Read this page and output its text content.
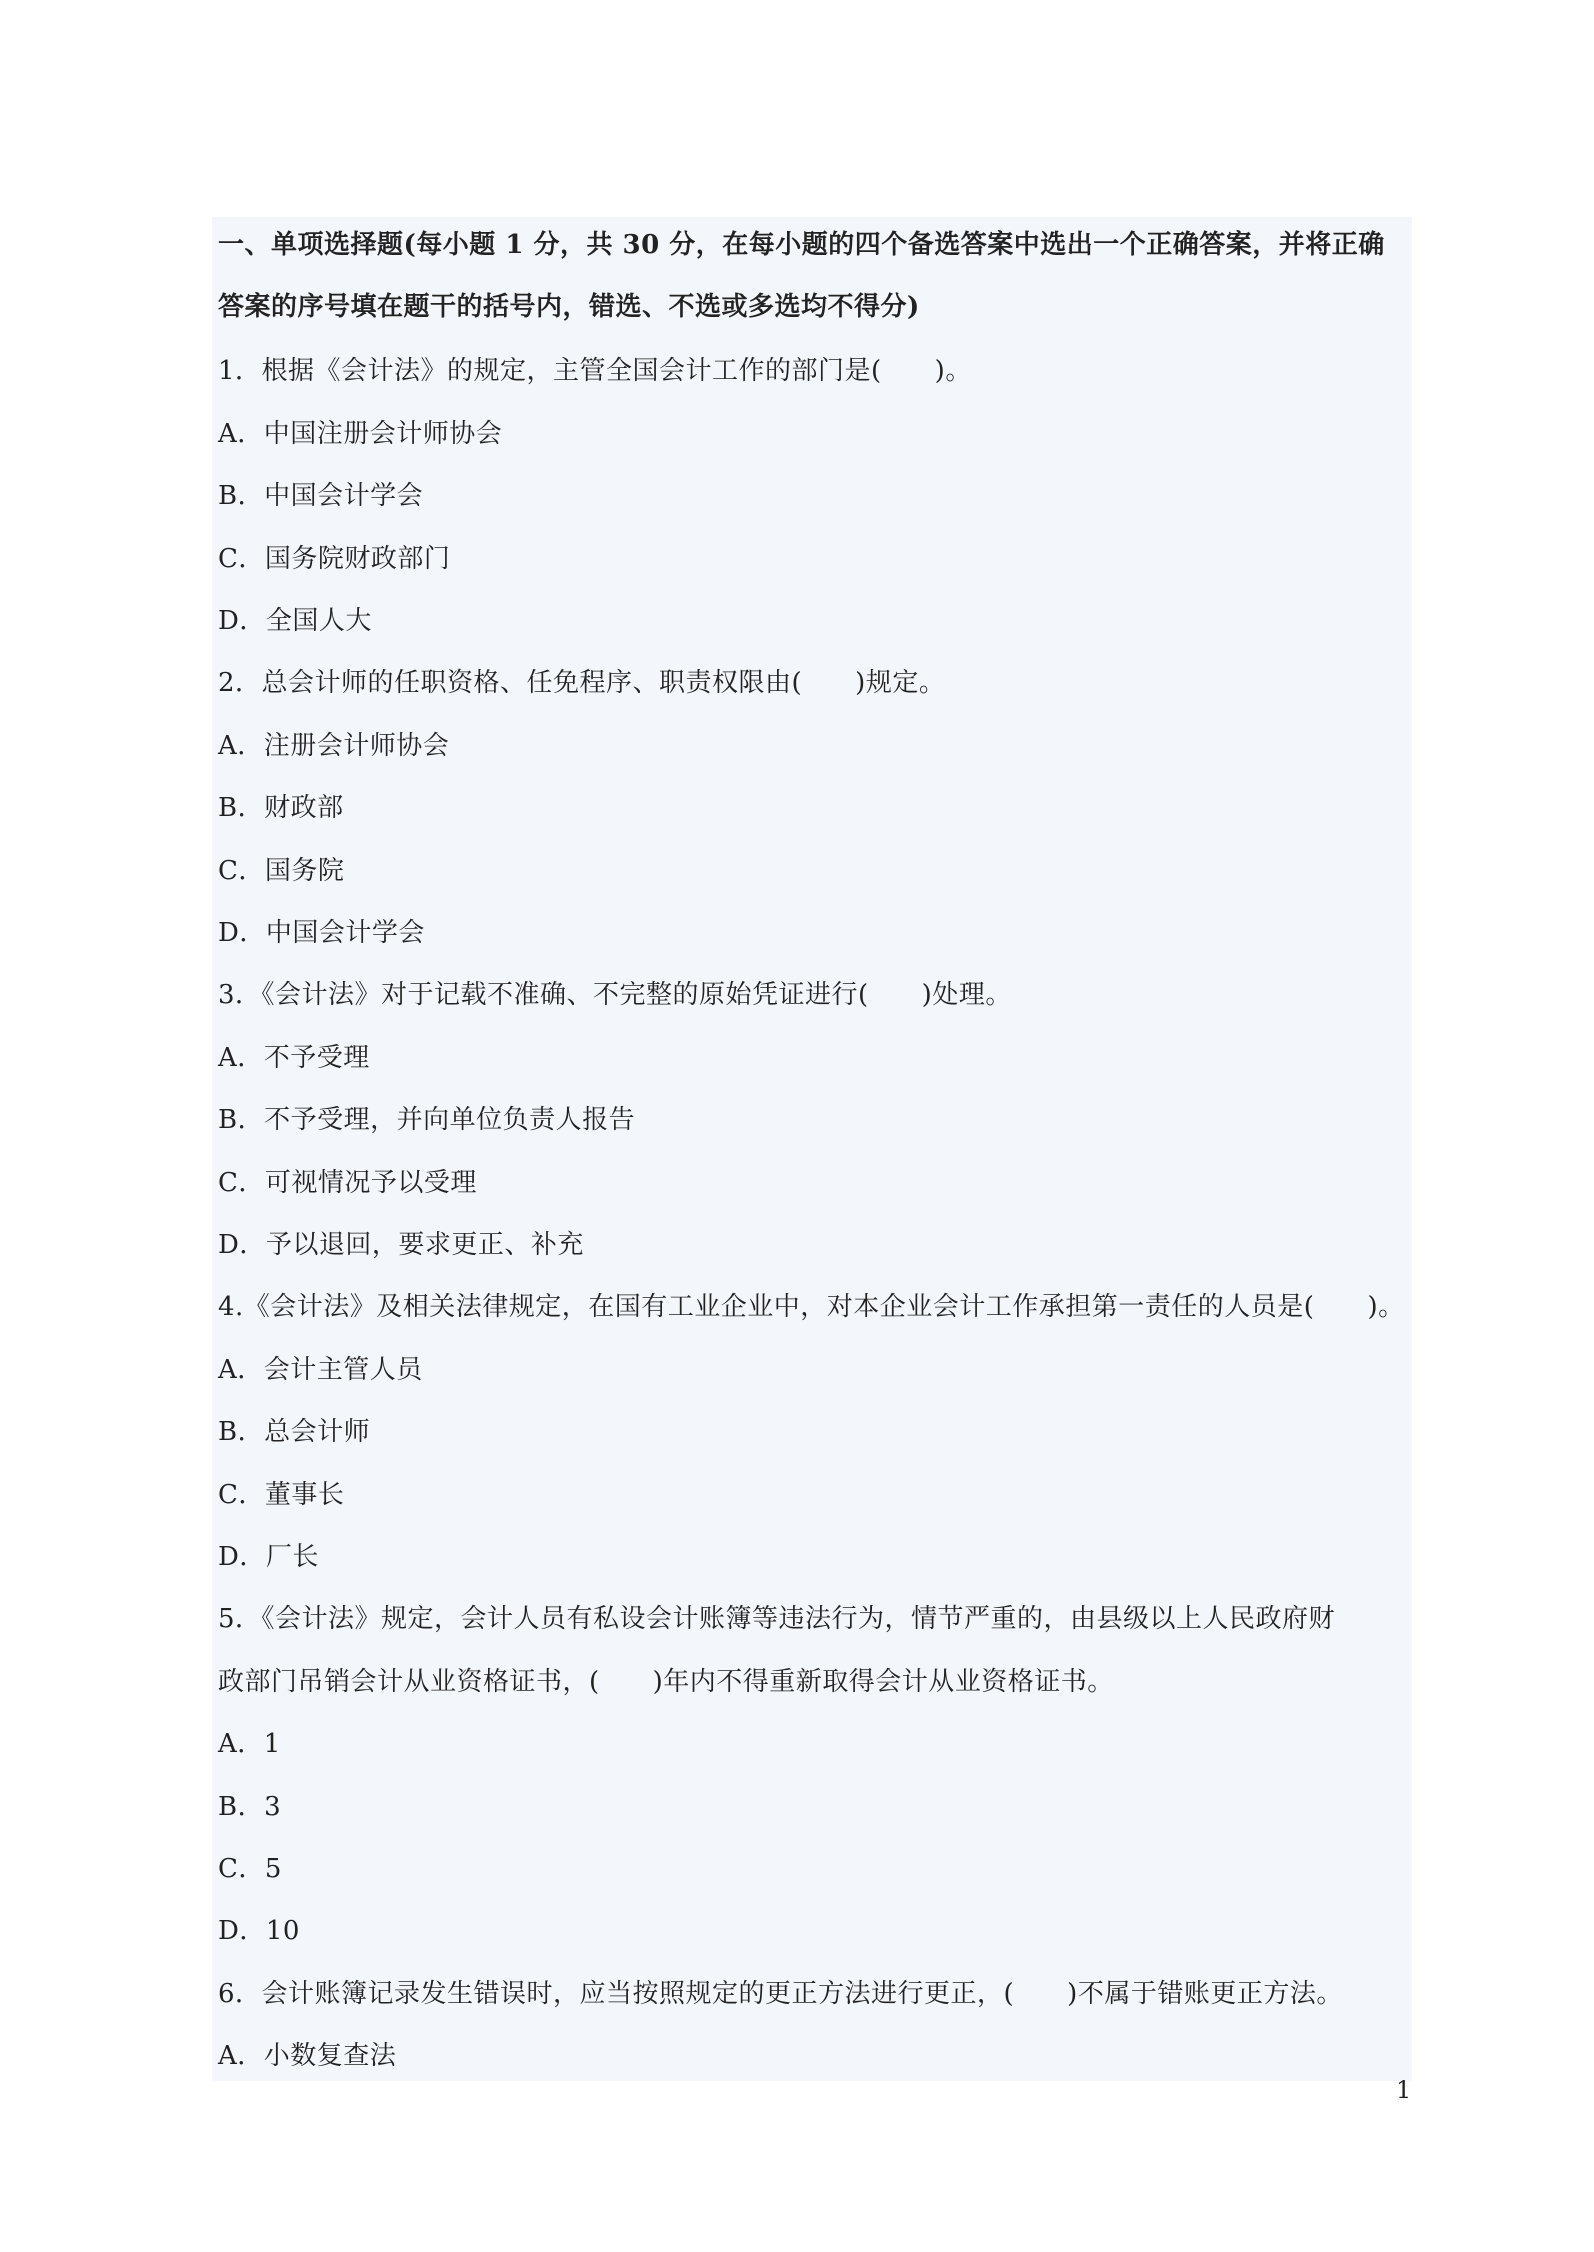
一、单项选择题(每小题 1 分，共 30 分，在每小题的四个备选答案中选出一个正确答案，并将正确
答案的序号填在题干的括号内，错选、不选或多选均不得分)
1．根据《会计法》的规定，主管全国会计工作的部门是(　　)。
A．中国注册会计师协会
B．中国会计学会
C．国务院财政部门
D．全国人大
2．总会计师的任职资格、任免程序、职责权限由(　　)规定。
A．注册会计师协会
B．财政部
C．国务院
D．中国会计学会
3．《会计法》对于记载不准确、不完整的原始凭证进行(　　)处理。
A．不予受理
B．不予受理，并向单位负责人报告
C．可视情况予以受理
D．予以退回，要求更正、补充
4.《会计法》及相关法律规定，在国有工业企业中，对本企业会计工作承担第一责任的人员是(　　)。
A．会计主管人员
B．总会计师
C．董事长
D．厂长
5．《会计法》规定，会计人员有私设会计账簿等违法行为，情节严重的，由县级以上人民政府财
政部门吊销会计从业资格证书，(　　)年内不得重新取得会计从业资格证书。
A．1
B．3
C．5
D．10
6．会计账簿记录发生错误时，应当按照规定的更正方法进行更正，(　　)不属于错账更正方法。
A．小数复查法
1
